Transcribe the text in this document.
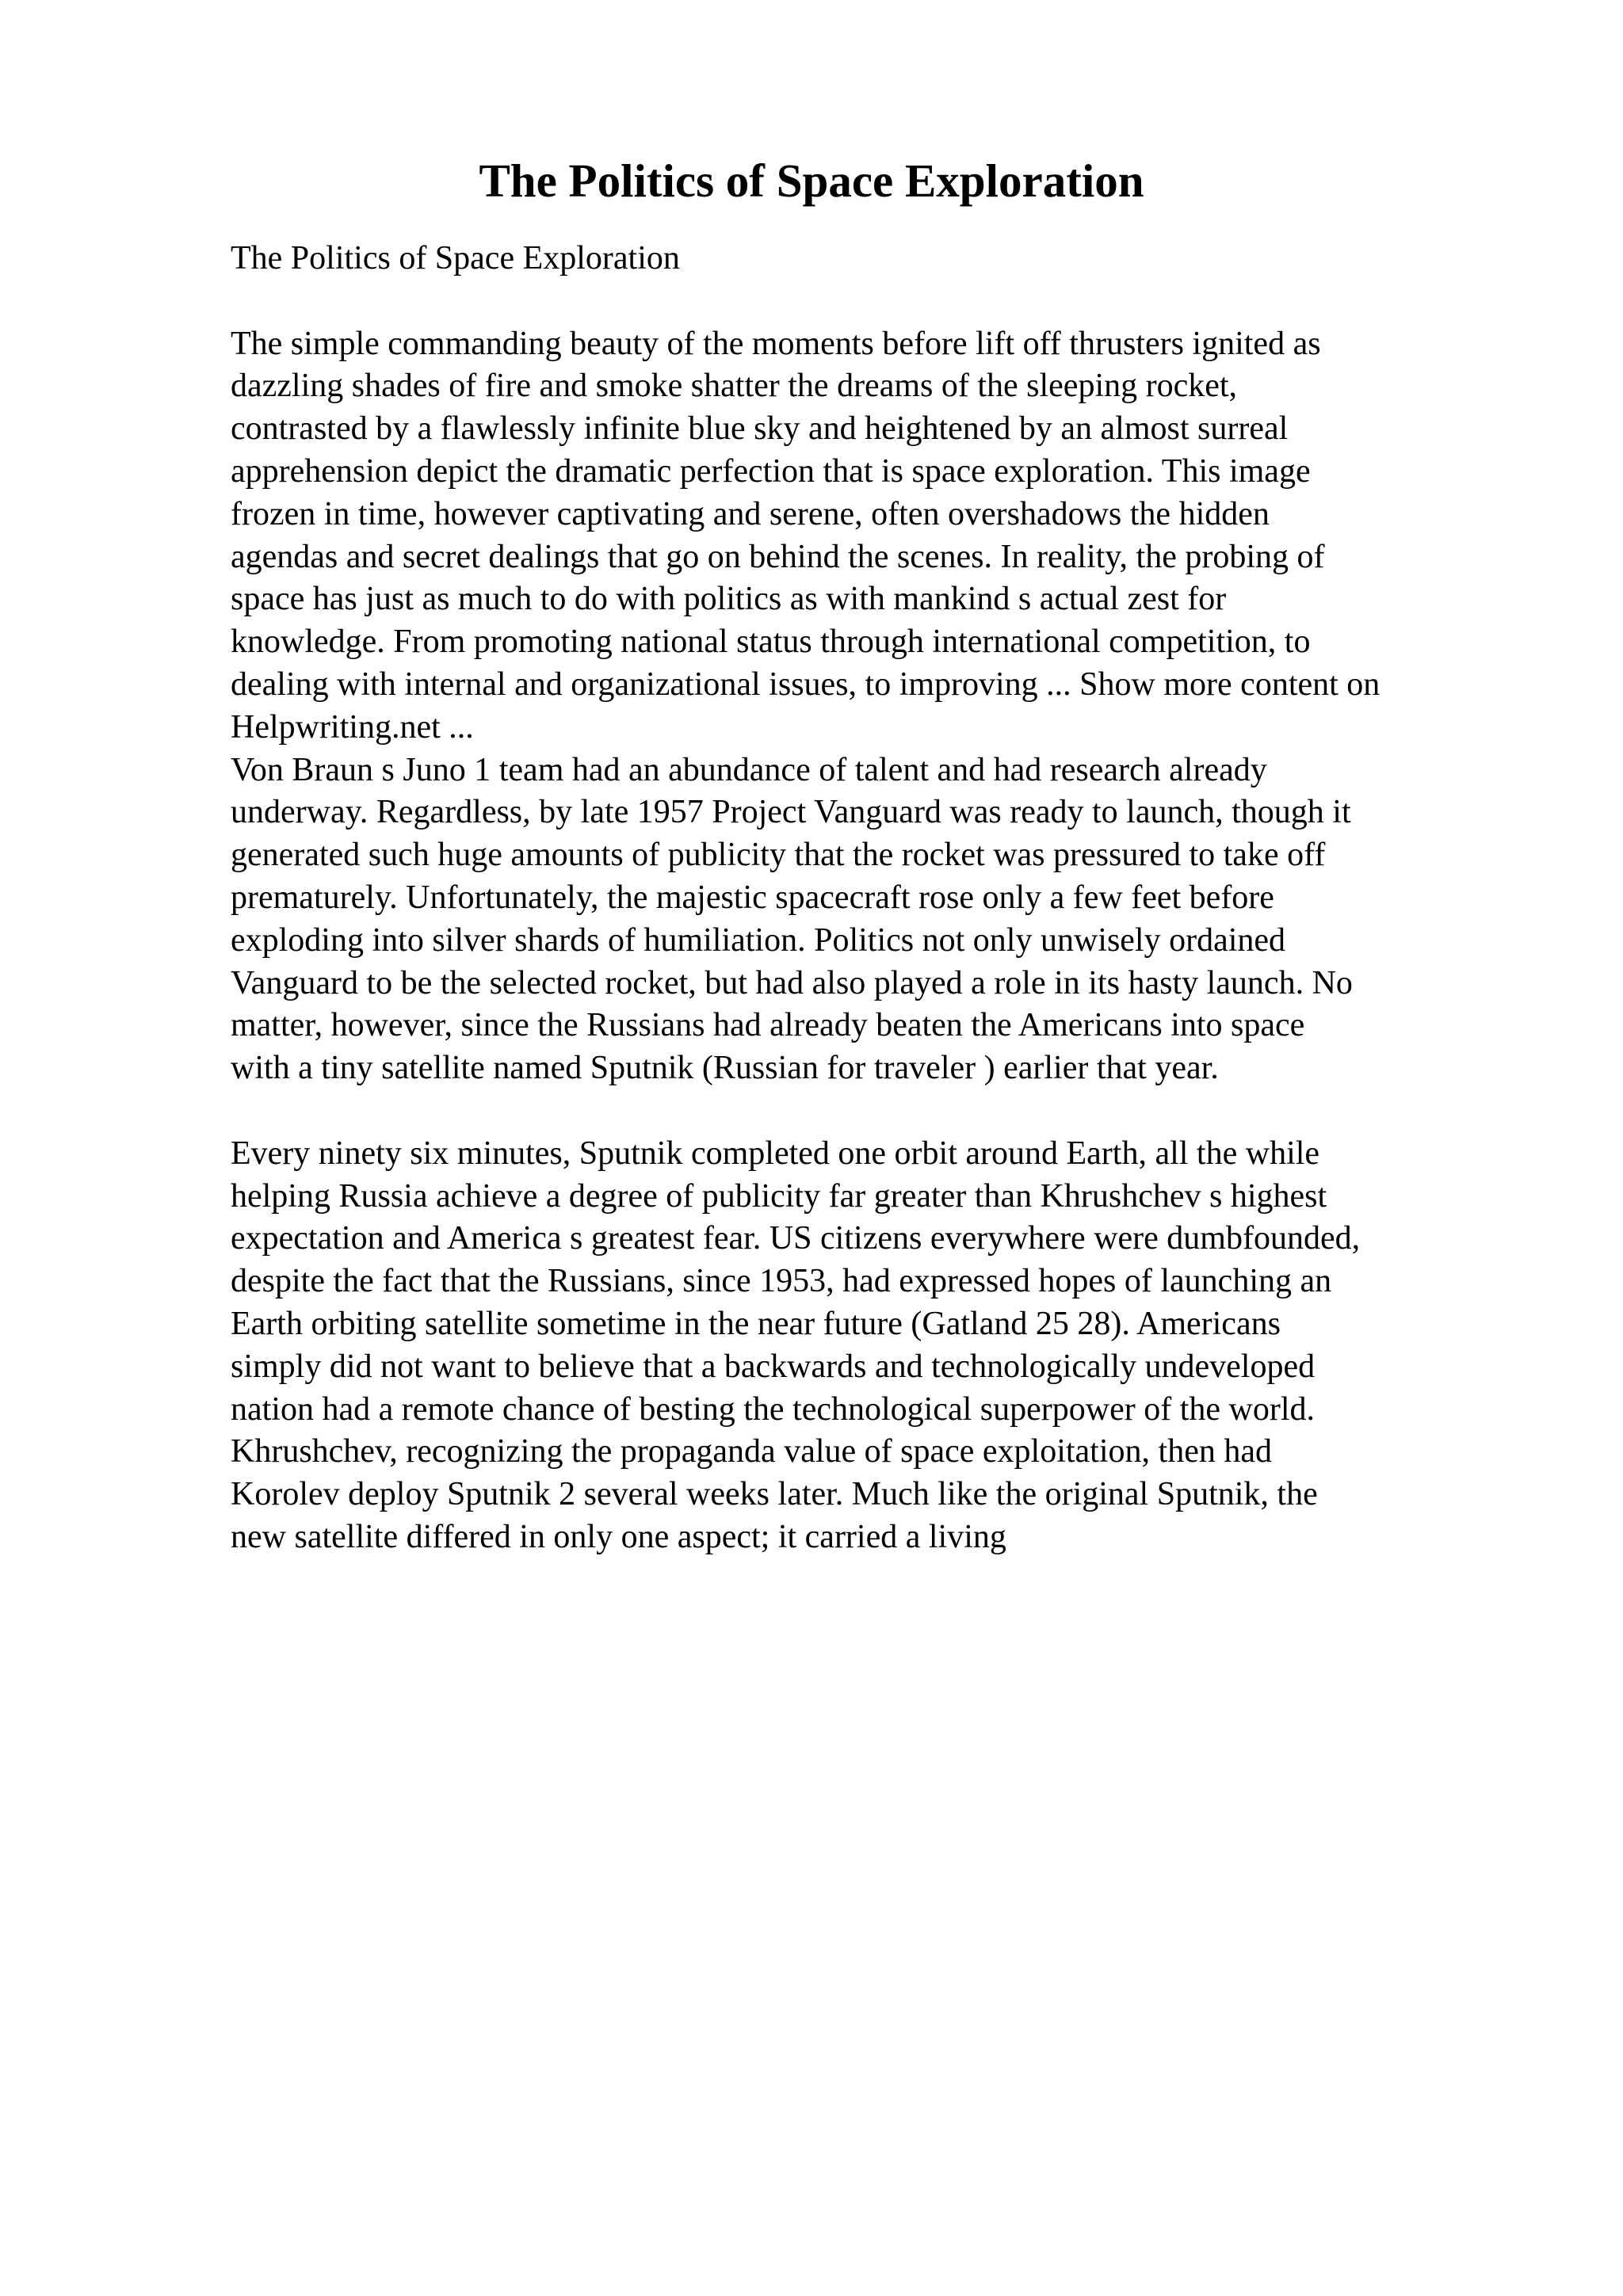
The Politics of Space Exploration

The Politics of Space Exploration

The simple commanding beauty of the moments before lift off thrusters ignited as
dazzling shades of fire and smoke shatter the dreams of the sleeping rocket,
contrasted by a flawlessly infinite blue sky and heightened by an almost surreal
apprehension depict the dramatic perfection that is space exploration. This image
frozen in time, however captivating and serene, often overshadows the hidden
agendas and secret dealings that go on behind the scenes. In reality, the probing of
space has just as much to do with politics as with mankind s actual zest for
knowledge. From promoting national status through international competition, to
dealing with internal and organizational issues, to improving ... Show more content on
Helpwriting.net ...

Von Braun s Juno 1 team had an abundance of talent and had research already
underway. Regardless, by late 1957 Project Vanguard was ready to launch, though it
generated such huge amounts of publicity that the rocket was pressured to take off
prematurely. Unfortunately, the majestic spacecraft rose only a few feet before
exploding into silver shards of humiliation. Politics not only unwisely ordained
Vanguard to be the selected rocket, but had also played a role in its hasty launch. No
matter, however, since the Russians had already beaten the Americans into space
with a tiny satellite named Sputnik (Russian for traveler ) earlier that year.

Every ninety six minutes, Sputnik completed one orbit around Earth, all the while
helping Russia achieve a degree of publicity far greater than Khrushchev s highest
expectation and America s greatest fear. US citizens everywhere were dumbfounded,
despite the fact that the Russians, since 1953, had expressed hopes of launching an
Earth orbiting satellite sometime in the near future (Gatland 25 28). Americans
simply did not want to believe that a backwards and technologically undeveloped
nation had a remote chance of besting the technological superpower of the world.
Khrushchev, recognizing the propaganda value of space exploitation, then had
Korolev deploy Sputnik 2 several weeks later. Much like the original Sputnik, the
new satellite differed in only one aspect; it carried a living
